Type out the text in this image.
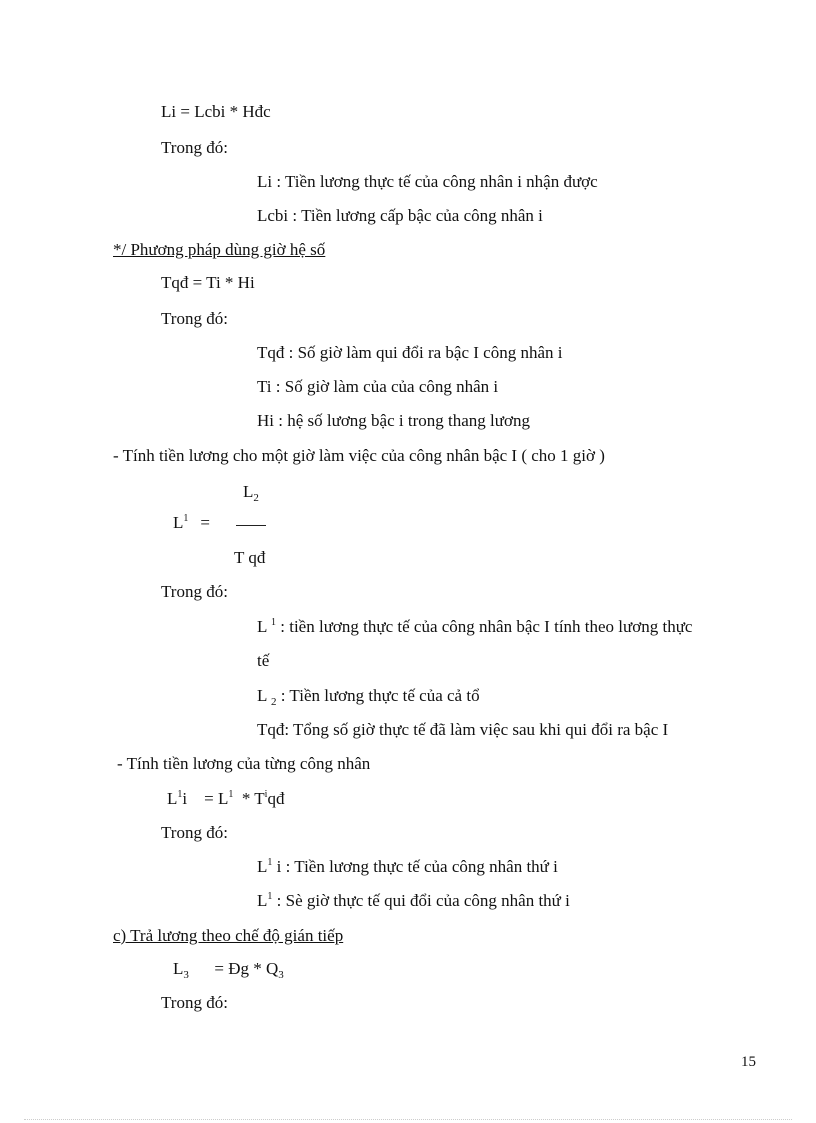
Li = Lcbi * Hđc
Trong đó:
Li : Tiền lương thực tế của công nhân i nhận được
Lcbi : Tiền lương cấp bậc của công nhân i
*/ Phương pháp dùng giờ hệ số
Tqđ = Ti * Hi
Trong đó:
Tqđ : Số giờ làm qui đổi ra bậc I công nhân i
Ti : Số giờ làm của của công nhân i
Hi : hệ số lương bậc i trong thang lương
- Tính tiền lương cho một giờ làm việc của công nhân bậc I ( cho 1 giờ )
$L_2$
$L^1$ =
T qđ
Trong đó:
L $^1$ : tiền lương thực tế của công nhân bậc I tính theo lương thực
tế
L $_2$ : Tiền lương thực tế của cả tổ
Tqđ: Tổng số giờ thực tế đã làm việc sau khi qui đổi ra bậc I
- Tính tiền lương của từng công nhân
$L^1i$    = $L^1$  * $T^iqđ$
Trong đó:
$L^1$ i : Tiền lương thực tế của công nhân thứ i
$L^1$ : Sè giờ thực tế qui đổi của công nhân thứ i
c) Trả lương theo chế độ gián tiếp
$L_3$      = Đg * $Q_3$
Trong đó:
15
